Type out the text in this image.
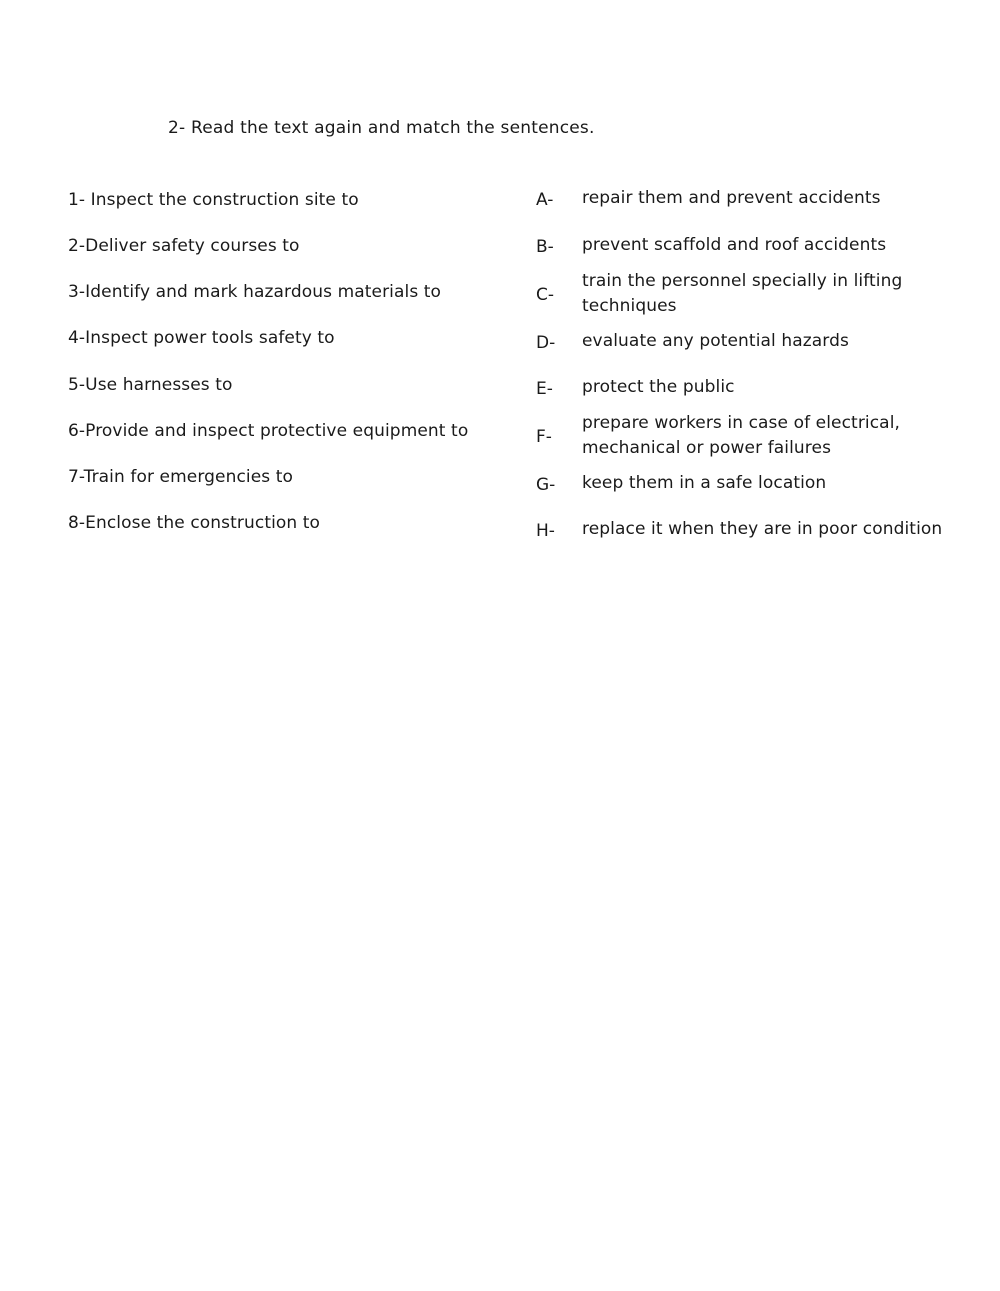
2- Read the text again and match the sentences.
1- Inspect the construction site to
2-Deliver safety courses to
3-Identify and mark hazardous materials to
4-Inspect power tools safety to
5-Use harnesses to
6-Provide and inspect protective equipment to
7-Train for emergencies to
8-Enclose the construction to
A- repair them and prevent accidents
B- prevent scaffold and roof accidents
C-
train the personnel specially in lifting techniques
D- evaluate any potential hazards
E- protect the public
F-
prepare workers in case of electrical, mechanical or power failures
G- keep them in a safe location
H- replace it when they are in poor condition
